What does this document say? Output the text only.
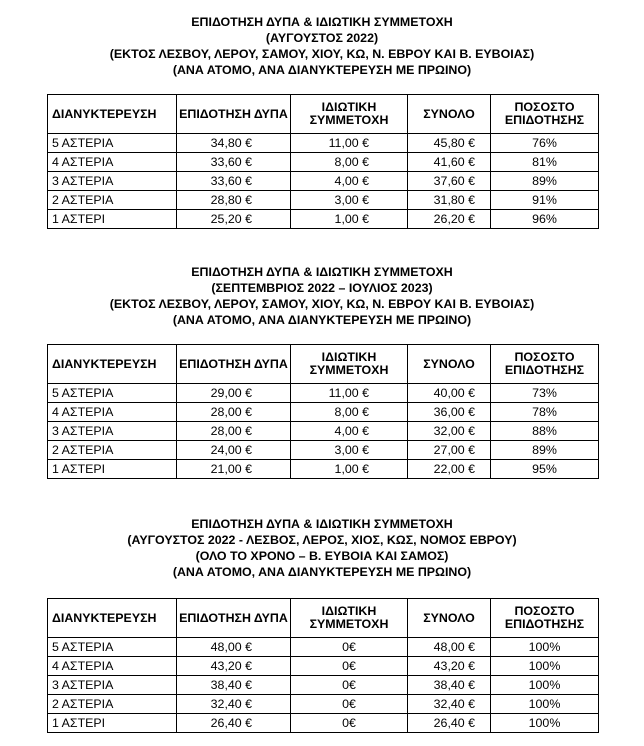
ΕΠΙΔΟΤΗΣΗ ΔΥΠΑ & ΙΔΙΩΤΙΚΗ ΣΥΜΜΕΤΟΧΗ
(ΑΥΓΟΥΣΤΟΣ 2022)
(ΕΚΤΟΣ ΛΕΣΒΟΥ, ΛΕΡΟΥ, ΣΑΜΟΥ, ΧΙΟΥ, ΚΩ, Ν. ΕΒΡΟΥ ΚΑΙ Β. ΕΥΒΟΙΑΣ)
(ΑΝΑ ΑΤΟΜΟ, ΑΝΑ ΔΙΑΝΥΚΤΕΡΕΥΣΗ ΜΕ ΠΡΩΙΝΟ)
ΔΙΑΝΥΚΤΕΡΕΥΣΗ	ΕΠΙΔΟΤΗΣΗ ΔΥΠΑ	ΙΔΙΩΤΙΚΗ ΣΥΜΜΕΤΟΧΗ	ΣΥΝΟΛΟ	ΠΟΣΟΣΤΟ ΕΠΙΔΟΤΗΣΗΣ
5 ΑΣΤΕΡΙΑ	34,80 €	11,00 €	45,80 €	76%
4 ΑΣΤΕΡΙΑ	33,60 €	8,00 €	41,60 €	81%
3 ΑΣΤΕΡΙΑ	33,60 €	4,00 €	37,60 €	89%
2 ΑΣΤΕΡΙΑ	28,80 €	3,00 €	31,80 €	91%
1 ΑΣΤΕΡΙ	25,20 €	1,00 €	26,20 €	96%
ΕΠΙΔΟΤΗΣΗ ΔΥΠΑ & ΙΔΙΩΤΙΚΗ ΣΥΜΜΕΤΟΧΗ
(ΣΕΠΤΕΜΒΡΙΟΣ 2022 – ΙΟΥΛΙΟΣ 2023)
(ΕΚΤΟΣ ΛΕΣΒΟΥ, ΛΕΡΟΥ, ΣΑΜΟΥ, ΧΙΟΥ, ΚΩ, Ν. ΕΒΡΟΥ ΚΑΙ Β. ΕΥΒΟΙΑΣ)
(ΑΝΑ ΑΤΟΜΟ, ΑΝΑ ΔΙΑΝΥΚΤΕΡΕΥΣΗ ΜΕ ΠΡΩΙΝΟ)
ΔΙΑΝΥΚΤΕΡΕΥΣΗ	ΕΠΙΔΟΤΗΣΗ ΔΥΠΑ	ΙΔΙΩΤΙΚΗ ΣΥΜΜΕΤΟΧΗ	ΣΥΝΟΛΟ	ΠΟΣΟΣΤΟ ΕΠΙΔΟΤΗΣΗΣ
5 ΑΣΤΕΡΙΑ	29,00 €	11,00 €	40,00 €	73%
4 ΑΣΤΕΡΙΑ	28,00 €	8,00 €	36,00 €	78%
3 ΑΣΤΕΡΙΑ	28,00 €	4,00 €	32,00 €	88%
2 ΑΣΤΕΡΙΑ	24,00 €	3,00 €	27,00 €	89%
1 ΑΣΤΕΡΙ	21,00 €	1,00 €	22,00 €	95%
ΕΠΙΔΟΤΗΣΗ ΔΥΠΑ & ΙΔΙΩΤΙΚΗ ΣΥΜΜΕΤΟΧΗ
(ΑΥΓΟΥΣΤΟΣ 2022 - ΛΕΣΒΟΣ, ΛΕΡΟΣ, ΧΙΟΣ, ΚΩΣ, ΝΟΜΟΣ ΕΒΡΟΥ)
(ΟΛΟ ΤΟ ΧΡΟΝΟ – Β. ΕΥΒΟΙΑ ΚΑΙ ΣΑΜΟΣ)
(ΑΝΑ ΑΤΟΜΟ, ΑΝΑ ΔΙΑΝΥΚΤΕΡΕΥΣΗ ΜΕ ΠΡΩΙΝΟ)
ΔΙΑΝΥΚΤΕΡΕΥΣΗ	ΕΠΙΔΟΤΗΣΗ ΔΥΠΑ	ΙΔΙΩΤΙΚΗ ΣΥΜΜΕΤΟΧΗ	ΣΥΝΟΛΟ	ΠΟΣΟΣΤΟ ΕΠΙΔΟΤΗΣΗΣ
5 ΑΣΤΕΡΙΑ	48,00 €	0€	48,00 €	100%
4 ΑΣΤΕΡΙΑ	43,20 €	0€	43,20 €	100%
3 ΑΣΤΕΡΙΑ	38,40 €	0€	38,40 €	100%
2 ΑΣΤΕΡΙΑ	32,40 €	0€	32,40 €	100%
1 ΑΣΤΕΡΙ	26,40 €	0€	26,40 €	100%
